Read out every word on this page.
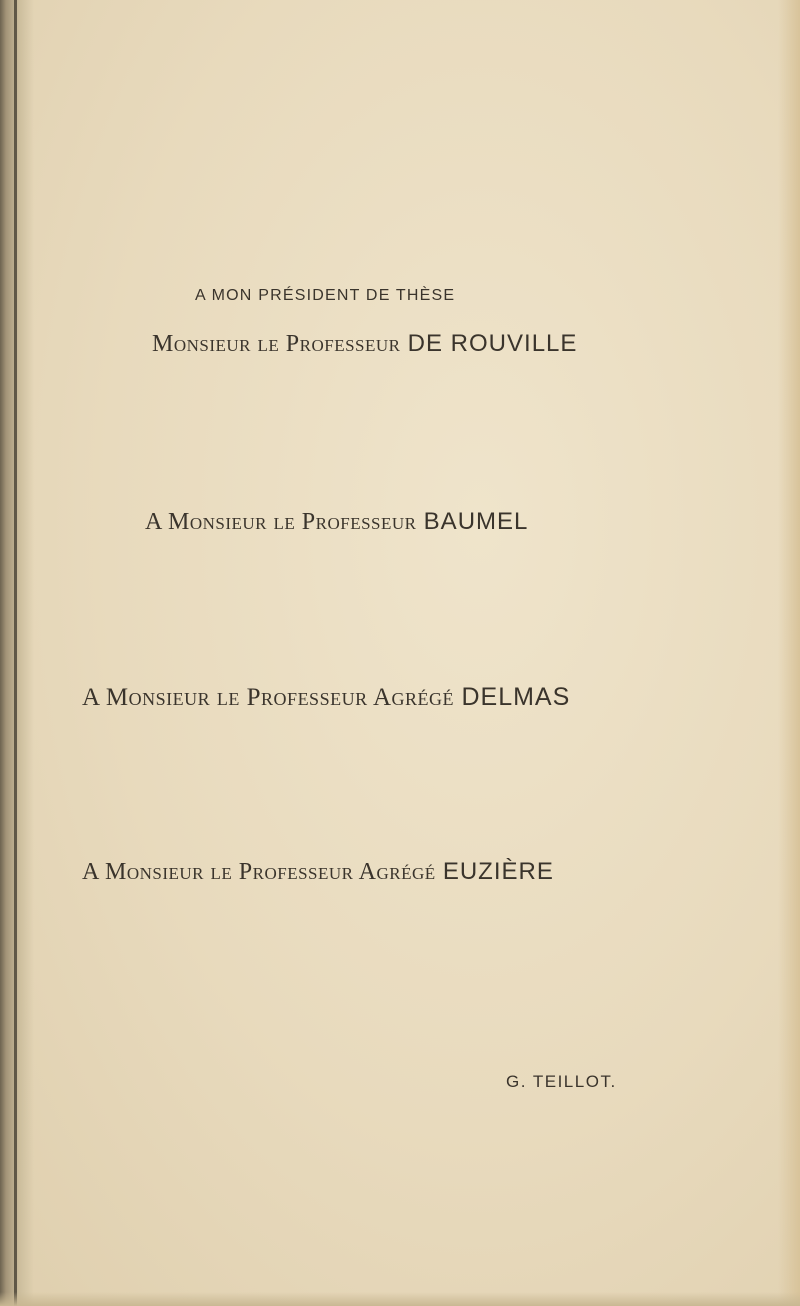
A MON PRÉSIDENT DE THÈSE
Monsieur le Professeur DE ROUVILLE
A Monsieur le Professeur BAUMEL
A Monsieur le Professeur Agrégé DELMAS
A Monsieur le Professeur Agrégé EUZIÈRE
G. TEILLOT.
